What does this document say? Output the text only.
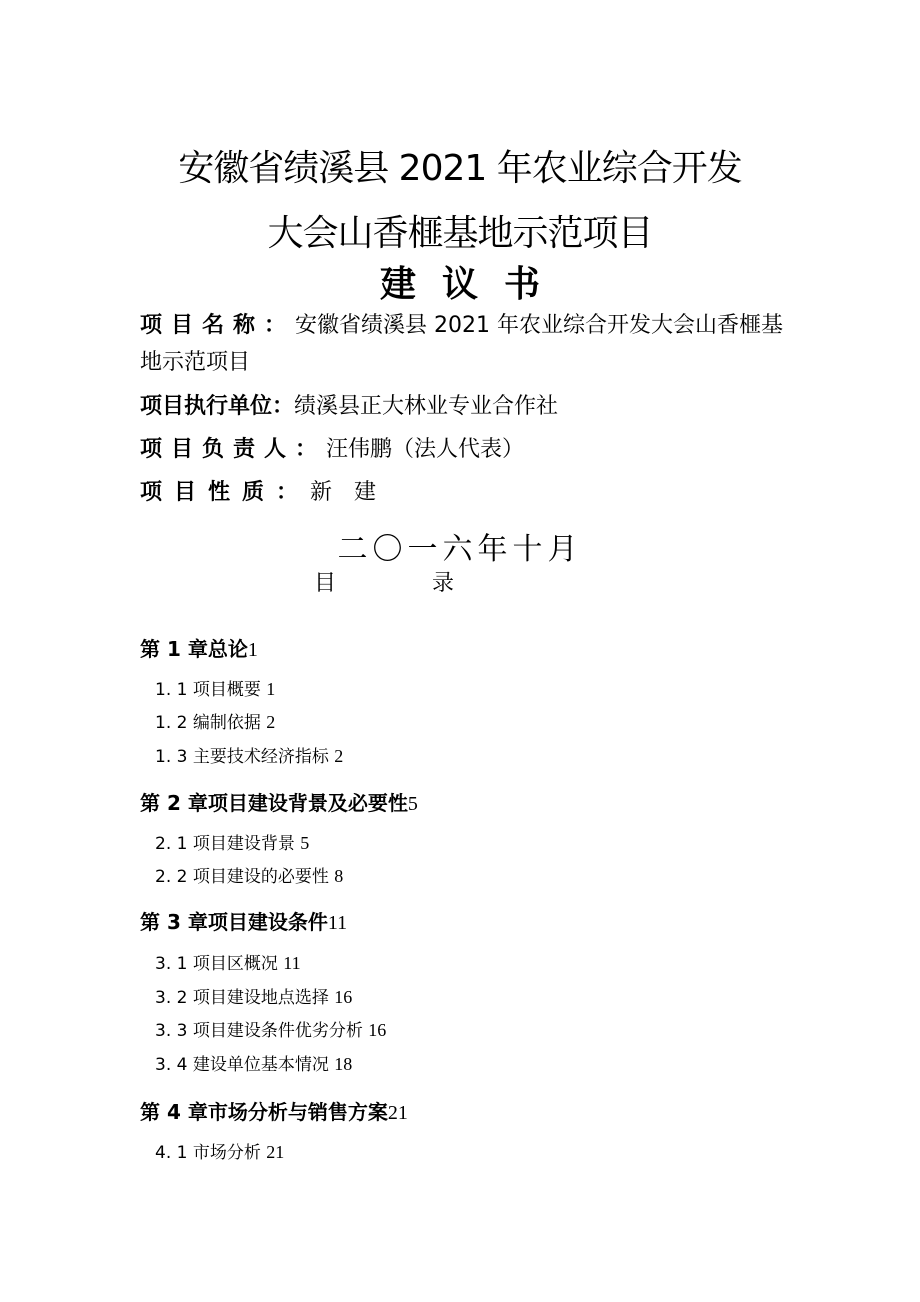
安徽省绩溪县 2021 年农业综合开发
大会山香榧基地示范项目
建议书
项目名称：安徽省绩溪县 2021 年农业综合开发大会山香榧基地示范项目
项目执行单位：绩溪县正大林业专业合作社
项目负责人：汪伟鹏（法人代表）
项目性质：新　建
二〇一六年十月
目	录
第 1 章总论1
1. 1 项目概要 1
1. 2 编制依据 2
1. 3 主要技术经济指标 2
第 2 章项目建设背景及必要性5
2. 1 项目建设背景 5
2. 2 项目建设的必要性 8
第 3 章项目建设条件11
3. 1 项目区概况 11
3. 2 项目建设地点选择 16
3. 3 项目建设条件优劣分析 16
3. 4 建设单位基本情况 18
第 4 章市场分析与销售方案21
4. 1 市场分析 21
